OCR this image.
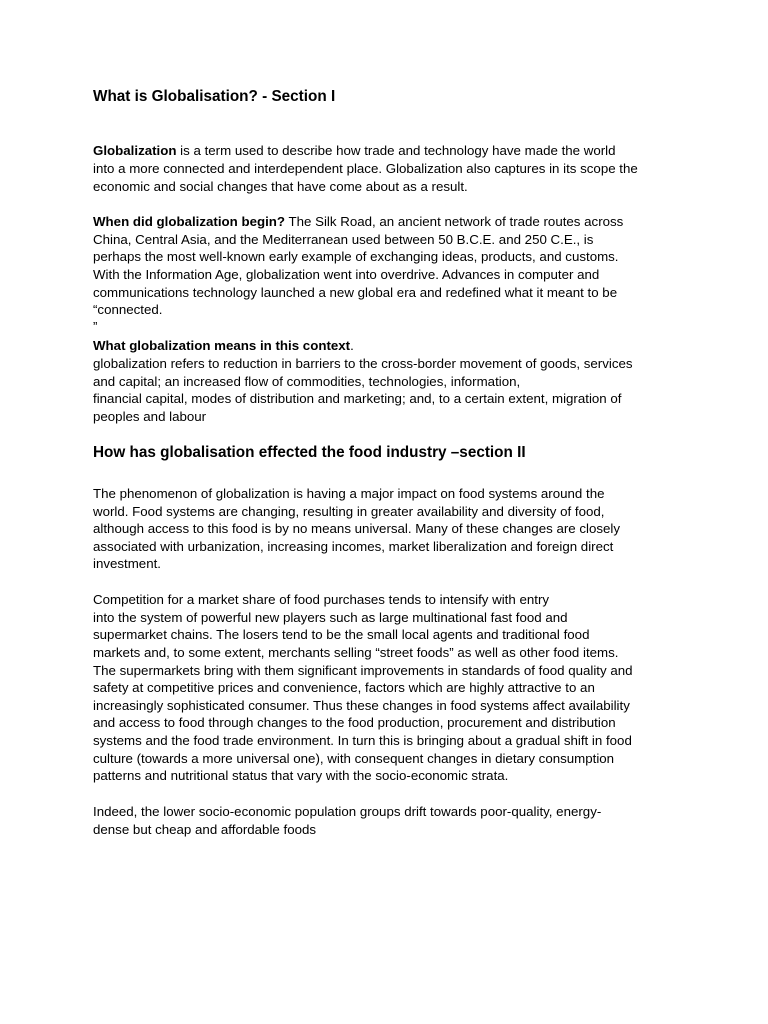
What is Globalisation? - Section I
Globalization is a term used to describe how trade and technology have made the world
into a more connected and interdependent place. Globalization also captures in its scope the
economic and social changes that have come about as a result.
When did globalization begin? The Silk Road, an ancient network of trade routes across
China, Central Asia, and the Mediterranean used between 50 B.C.E. and 250 C.E., is
perhaps the most well-known early example of exchanging ideas, products, and customs.
With the Information Age, globalization went into overdrive. Advances in computer and
communications technology launched a new global era and redefined what it meant to be
“connected.
”
What globalization means in this context.
globalization refers to reduction in barriers to the cross-border movement of goods, services
and capital; an increased flow of commodities, technologies, information,
financial capital, modes of distribution and marketing; and, to a certain extent, migration of
peoples and labour
How has globalisation effected the food industry –section II
The phenomenon of globalization is having a major impact on food systems around the
world. Food systems are changing, resulting in greater availability and diversity of food,
although access to this food is by no means universal. Many of these changes are closely
associated with urbanization, increasing incomes, market liberalization and foreign direct
investment.
Competition for a market share of food purchases tends to intensify with entry
into the system of powerful new players such as large multinational fast food and
supermarket chains. The losers tend to be the small local agents and traditional food
markets and, to some extent, merchants selling “street foods” as well as other food items.
The supermarkets bring with them significant improvements in standards of food quality and
safety at competitive prices and convenience, factors which are highly attractive to an
increasingly sophisticated consumer. Thus these changes in food systems affect availability
and access to food through changes to the food production, procurement and distribution
systems and the food trade environment. In turn this is bringing about a gradual shift in food
culture (towards a more universal one), with consequent changes in dietary consumption
patterns and nutritional status that vary with the socio-economic strata.
Indeed, the lower socio-economic population groups drift towards poor-quality, energy-
dense but cheap and affordable foods
